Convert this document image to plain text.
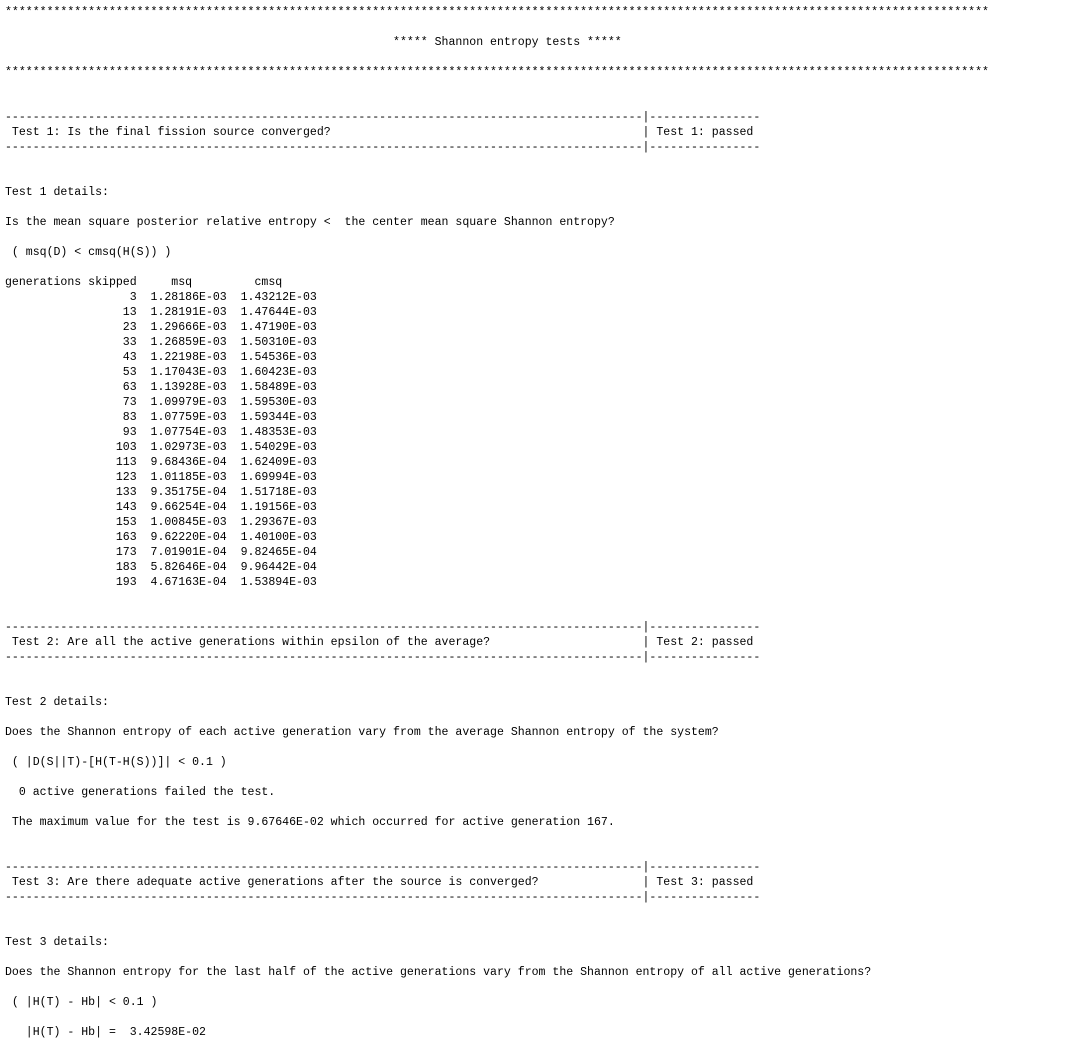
**********************************************************************************************************************************************

***** Shannon entropy tests *****

**********************************************************************************************************************************************

--------------------------------------------------------------------------------------------|----------------
Test 1: Is the final fission source converged?                                             | Test 1: passed
--------------------------------------------------------------------------------------------|----------------

Test 1 details:

Is the mean square posterior relative entropy <  the center mean square Shannon entropy?

( msq(D) < cmsq(H(S)) )

generations skipped     msq         cmsq
3  1.28186E-03  1.43212E-03
13  1.28191E-03  1.47644E-03
23  1.29666E-03  1.47190E-03
33  1.26859E-03  1.50310E-03
43  1.22198E-03  1.54536E-03
53  1.17043E-03  1.60423E-03
63  1.13928E-03  1.58489E-03
73  1.09979E-03  1.59530E-03
83  1.07759E-03  1.59344E-03
93  1.07754E-03  1.48353E-03
103  1.02973E-03  1.54029E-03
113  9.68436E-04  1.62409E-03
123  1.01185E-03  1.69994E-03
133  9.35175E-04  1.51718E-03
143  9.66254E-04  1.19156E-03
153  1.00845E-03  1.29367E-03
163  9.62220E-04  1.40100E-03
173  7.01901E-04  9.82465E-04
183  5.82646E-04  9.96442E-04
193  4.67163E-04  1.53894E-03

--------------------------------------------------------------------------------------------|----------------
Test 2: Are all the active generations within epsilon of the average?                      | Test 2: passed
--------------------------------------------------------------------------------------------|----------------

Test 2 details:

Does the Shannon entropy of each active generation vary from the average Shannon entropy of the system?

( |D(S||T)-[H(T-H(S))]| < 0.1 )

0 active generations failed the test.

The maximum value for the test is 9.67646E-02 which occurred for active generation 167.

--------------------------------------------------------------------------------------------|----------------
Test 3: Are there adequate active generations after the source is converged?               | Test 3: passed
--------------------------------------------------------------------------------------------|----------------

Test 3 details:

Does the Shannon entropy for the last half of the active generations vary from the Shannon entropy of all active generations?

( |H(T) - Hb| < 0.1 )

|H(T) - Hb| =  3.42598E-02
